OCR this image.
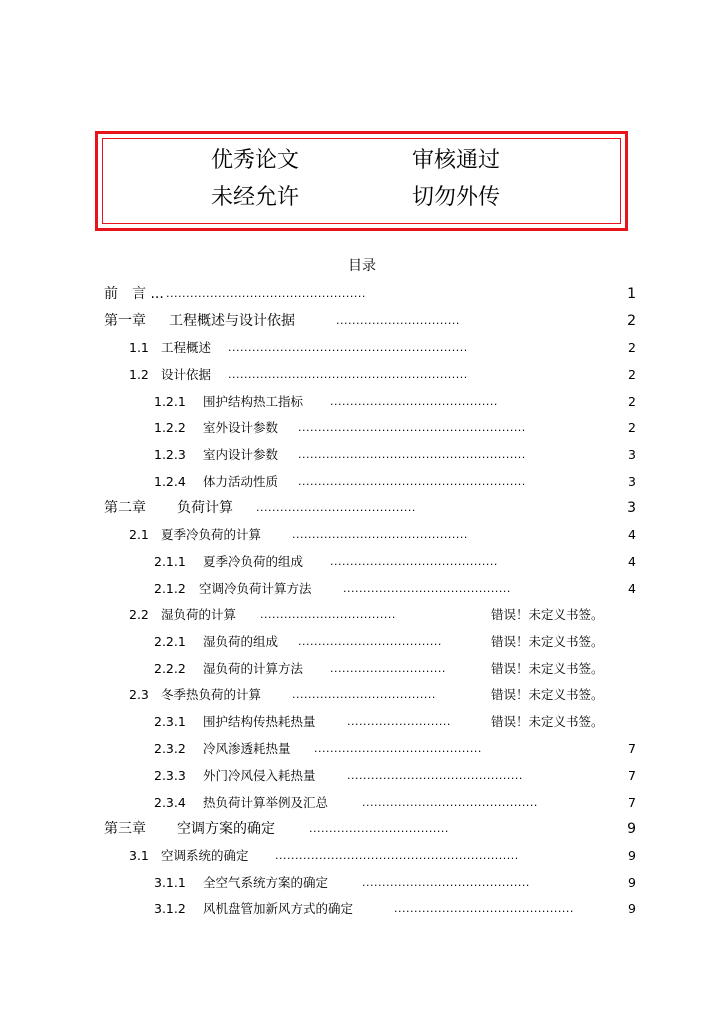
优秀论文	审核通过
未经允许	切勿外传
目录
前 言 ... ..................................................	1
第一章 工程概述与设计依据	...............................	2
1.1 工程概述 ............................................................	2
1.2 设计依据 ............................................................	2
1.2.1 围护结构热工指标 ..........................................	2
1.2.2 室外设计参数 .........................................................	2
1.2.3 室内设计参数 .........................................................	3
1.2.4 体力活动性质 .........................................................	3
第二章 负荷计算 ........................................	3
2.1 夏季冷负荷的计算	............................................	4
2.1.1 夏季冷负荷的组成 ..........................................	4
2.1.2 空调冷负荷计算方法	..........................................	4
2.2 湿负荷的计算 ..................................	错误！未定义书签。
2.2.1 湿负荷的组成 ....................................	错误！未定义书签。
2.2.2 湿负荷的计算方法 .............................	错误！未定义书签。
2.3 冬季热负荷的计算	....................................	错误！未定义书签。
2.3.1 围护结构传热耗热量	..........................	错误！未定义书签。
2.3.2 冷风渗透耗热量 ..........................................	7
2.3.3 外门冷风侵入耗热量	............................................	7
2.3.4 热负荷计算举例及汇总	............................................	7
第三章 空调方案的确定	...................................	9
3.1 空调系统的确定 .............................................................	9
3.1.1 全空气系统方案的确定	..........................................	9
3.1.2 风机盘管加新风方式的确定	.............................................	9
